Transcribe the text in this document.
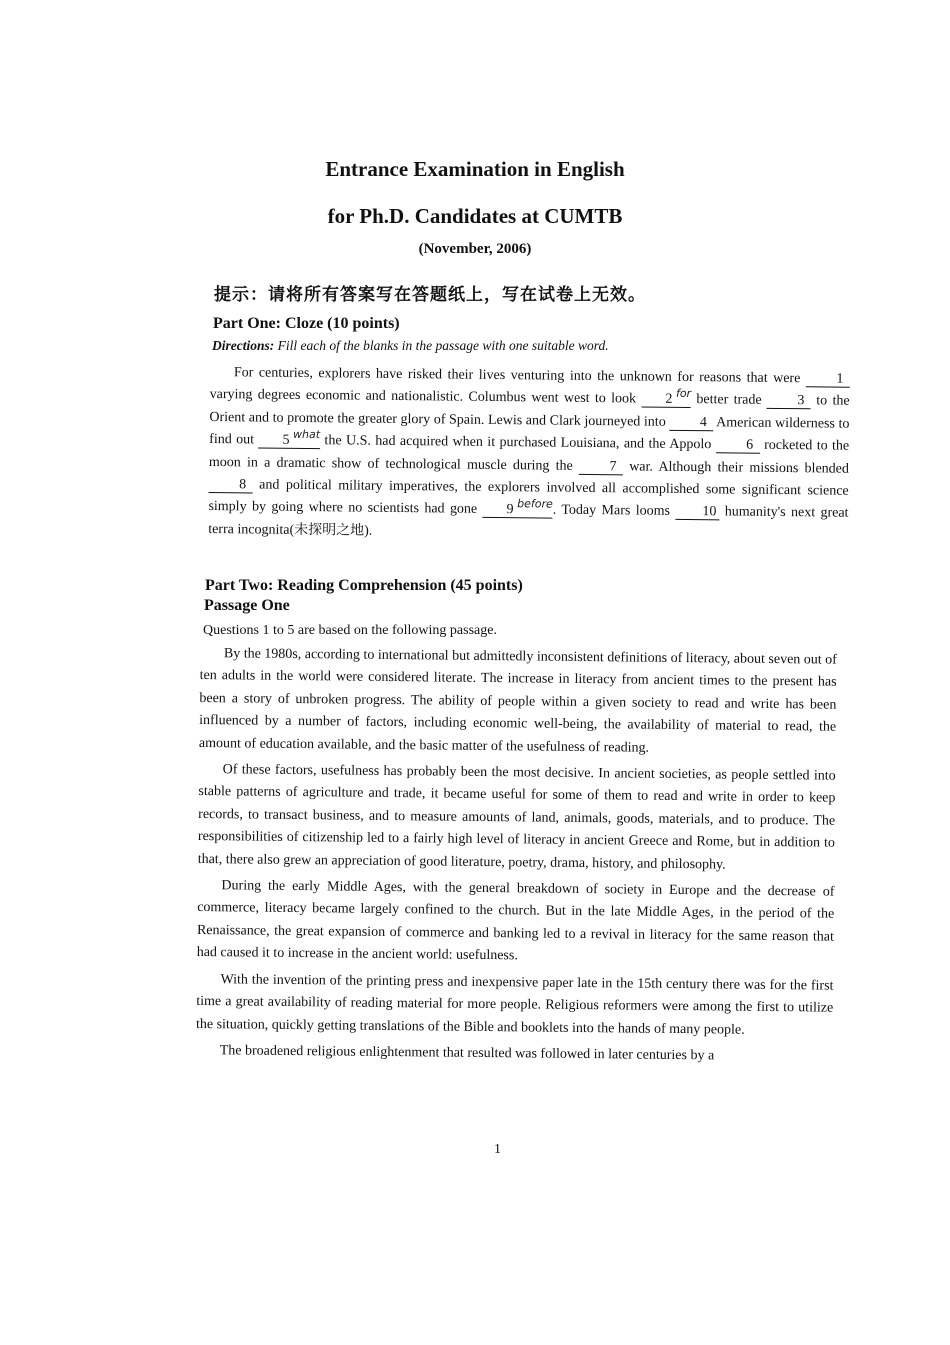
Entrance Examination in English
for Ph.D. Candidates at CUMTB
(November, 2006)
提示：请将所有答案写在答题纸上，写在试卷上无效。
Part One: Cloze (10 points)
Directions: Fill each of the blanks in the passage with one suitable word.

For centuries, explorers have risked their lives venturing into the unknown for reasons that were	1 varying degrees economic and nationalistic. Columbus went west to look 2 $^{for}$ better trade	3 to the Orient and to promote the greater glory of Spain. Lewis and Clark journeyed into 4 American wilderness to find out 5 $^{what}$ the U.S. had acquired when it purchased Louisiana, and the Appolo 6 rocketed to the moon in a dramatic show of technological muscle during the	7 war. Although their missions blended 8 and political military imperatives, the explorers involved all accomplished some significant science simply by going where no scientists had gone 9 $^{before}$. Today Mars looms 10 humanity's next great terra incognita(未探明之地).

Part Two: Reading Comprehension (45 points)
Passage One
Questions 1 to 5 are based on the following passage.

By the 1980s, according to international but admittedly inconsistent definitions of literacy, about seven out of ten adults in the world were considered literate. The increase in literacy from ancient times to the present has been a story of unbroken progress. The ability of people within a given society to read and write has been influenced by a number of factors, including economic well-being, the availability of material to read, the amount of education available, and the basic matter of the usefulness of reading.

Of these factors, usefulness has probably been the most decisive. In ancient societies, as people settled into stable patterns of agriculture and trade, it became useful for some of them to read and write in order to keep records, to transact business, and to measure amounts of land, animals, goods, materials, and to produce. The responsibilities of citizenship led to a fairly high level of literacy in ancient Greece and Rome, but in addition to that, there also grew an appreciation of good literature, poetry, drama, history, and philosophy.

During the early Middle Ages, with the general breakdown of society in Europe and the decrease of commerce, literacy became largely confined to the church. But in the late Middle Ages, in the period of the Renaissance, the great expansion of commerce and banking led to a revival in literacy for the same reason that had caused it to increase in the ancient world: usefulness.

With the invention of the printing press and inexpensive paper late in the 15th century there was for the first time a great availability of reading material for more people. Religious reformers were among the first to utilize the situation, quickly getting translations of the Bible and booklets into the hands of many people.

The broadened religious enlightenment that resulted was followed in later centuries by a

1
